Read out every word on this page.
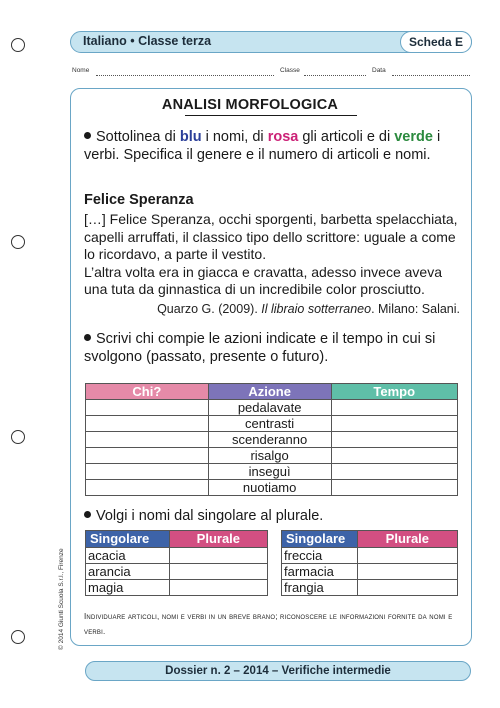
Italiano • Classe terza	Scheda E
Nome	Classe	Data
ANALISI MORFOLOGICA
Sottolinea di blu i nomi, di rosa gli articoli e di verde i verbi. Specifica il genere e il numero di articoli e nomi.
Felice Speranza

[…] Felice Speranza, occhi sporgenti, barbetta spelacchiata, capelli arruffati, il classico tipo dello scrittore: uguale a come lo ricordavo, a parte il vestito.

L’altra volta era in giacca e cravatta, adesso invece aveva una tuta da ginnastica di un incredibile color prosciutto.

Quarzo G. (2009). Il libraio sotterraneo. Milano: Salani.
Scrivi chi compie le azioni indicate e il tempo in cui si svolgono (passato, presente o futuro).
Chi?	Azione	Tempo
	pedalavate	
	centrasti	
	scenderanno	
	risalgo	
	inseguì	
	nuotiamo	
Volgi i nomi dal singolare al plurale.
Singolare	Plurale
acacia	
arancia	
magia	
Singolare	Plurale
freccia	
farmacia	
frangia	
Individuare articoli, nomi e verbi in un breve brano; riconoscere le informazioni fornite da nomi e verbi.
© 2014 Giunti Scuola S.r.l., Firenze
Dossier n. 2 – 2014 – Verifiche intermedie
